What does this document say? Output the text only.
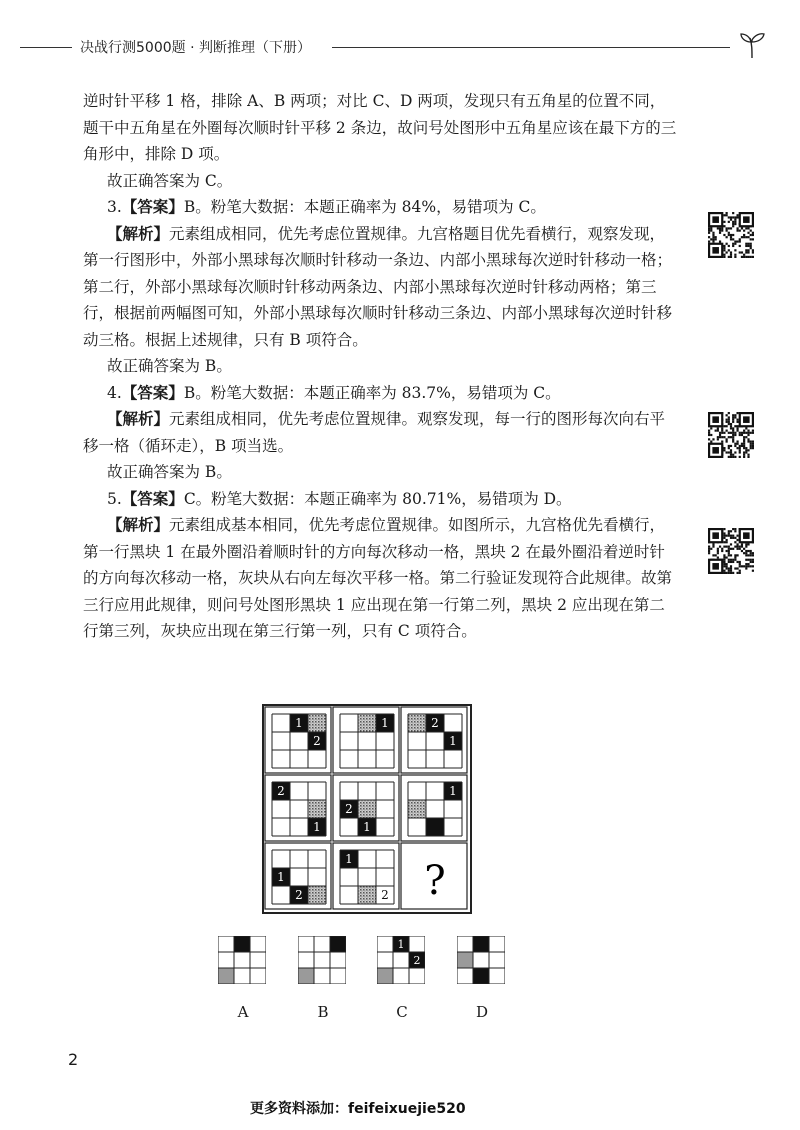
决战行测5000题 · 判断推理（下册）

逆时针平移 1 格，排除 A、B 两项；对比 C、D 两项，发现只有五角星的位置不同，题干中五角星在外圈每次顺时针平移 2 条边，故问号处图形中五角星应该在最下方的三角形中，排除 D 项。

故正确答案为 C。

3.【答案】B。粉笔大数据：本题正确率为 84%，易错项为 C。

【解析】元素组成相同，优先考虑位置规律。九宫格题目优先看横行，观察发现，第一行图形中，外部小黑球每次顺时针移动一条边、内部小黑球每次逆时针移动一格；第二行，外部小黑球每次顺时针移动两条边、内部小黑球每次逆时针移动两格；第三行，根据前两幅图可知，外部小黑球每次顺时针移动三条边、内部小黑球每次逆时针移动三格。根据上述规律，只有 B 项符合。

故正确答案为 B。

4.【答案】B。粉笔大数据：本题正确率为 83.7%，易错项为 C。

【解析】元素组成相同，优先考虑位置规律。观察发现，每一行的图形每次向右平移一格（循环走），B 项当选。

故正确答案为 B。

5.【答案】C。粉笔大数据：本题正确率为 80.71%，易错项为 D。

【解析】元素组成基本相同，优先考虑位置规律。如图所示，九宫格优先看横行，第一行黑块 1 在最外圈沿着顺时针的方向每次移动一格，黑块 2 在最外圈沿着逆时针的方向每次移动一格，灰块从右向左每次平移一格。第二行验证发现符合此规律。故第三行应用此规律，则问号处图形黑块 1 应出现在第一行第二列，黑块 2 应出现在第二行第三列，灰块应出现在第三行第一列，只有 C 项符合。

1
2
1	2
1
2
1
2
1
1
1
2
1
2 ?
1
2
A	B	C	D
2
更多资料添加：feifeixuejie520
